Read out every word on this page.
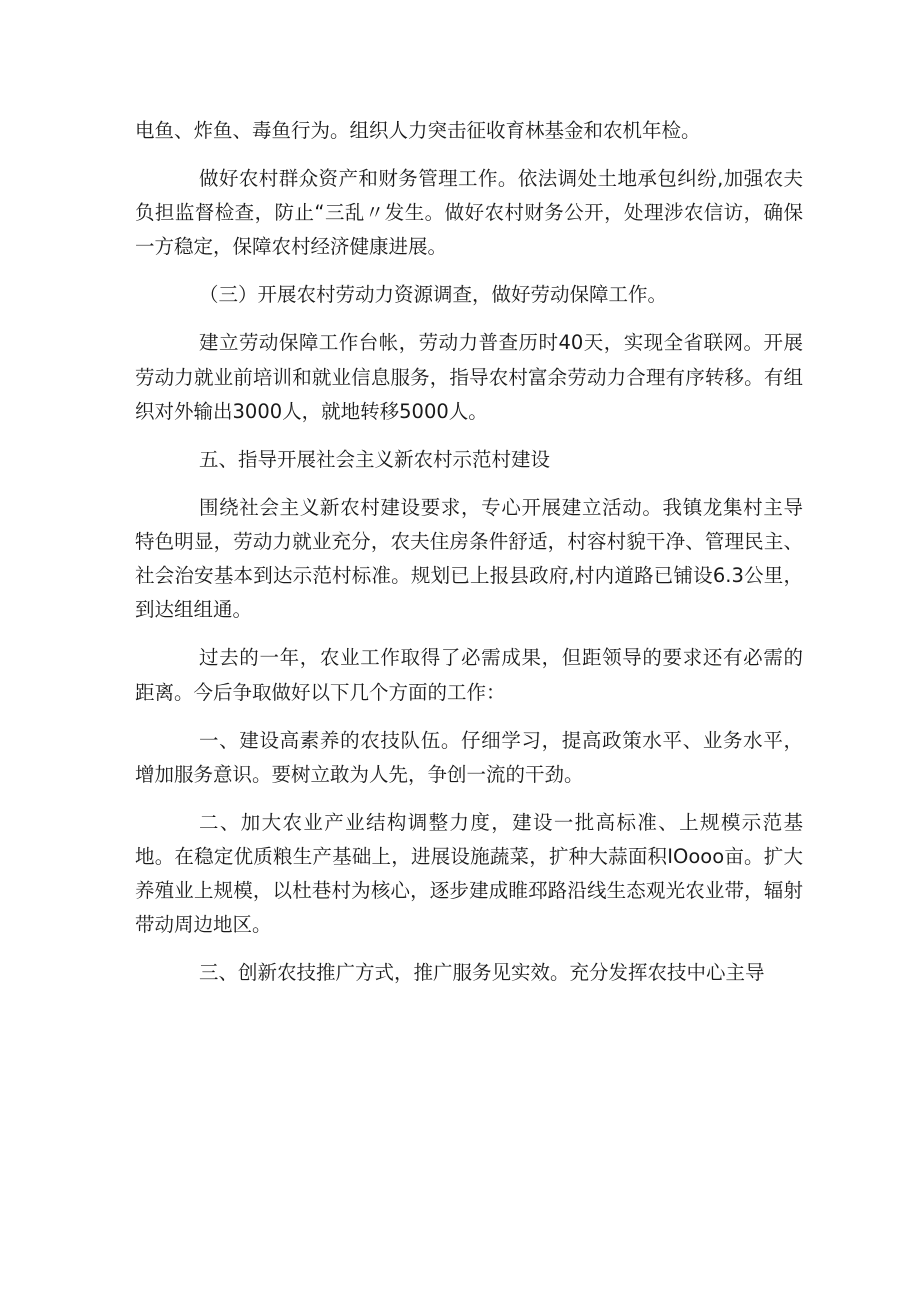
电鱼、炸鱼、毒鱼行为。组织人力突击征收育林基金和农机年检。

做好农村群众资产和财务管理工作。依法调处土地承包纠纷,加强农夫负担监督检查，防止“三乱〃发生。做好农村财务公开，处理涉农信访，确保一方稳定，保障农村经济健康进展。

（三）开展农村劳动力资源调查，做好劳动保障工作。

建立劳动保障工作台帐，劳动力普查历时40天，实现全省联网。开展劳动力就业前培训和就业信息服务，指导农村富余劳动力合理有序转移。有组织对外输出3000人，就地转移5000人。

五、指导开展社会主义新农村示范村建设

围绕社会主义新农村建设要求，专心开展建立活动。我镇龙集村主导特色明显，劳动力就业充分，农夫住房条件舒适，村容村貌干净、管理民主、社会治安基本到达示范村标准。规划已上报县政府,村内道路已铺设6.3公里，到达组组通。

过去的一年，农业工作取得了必需成果，但距领导的要求还有必需的距离。今后争取做好以下几个方面的工作：

一、建设高素养的农技队伍。仔细学习，提高政策水平、业务水平，增加服务意识。要树立敢为人先，争创一流的干劲。

二、加大农业产业结构调整力度，建设一批高标准、上规模示范基地。在稳定优质粮生产基础上，进展设施蔬菜，扩种大蒜面积IOooo亩。扩大养殖业上规模，以杜巷村为核心，逐步建成睢邳路沿线生态观光农业带，辐射带动周边地区。

三、创新农技推广方式，推广服务见实效。充分发挥农技中心主导
